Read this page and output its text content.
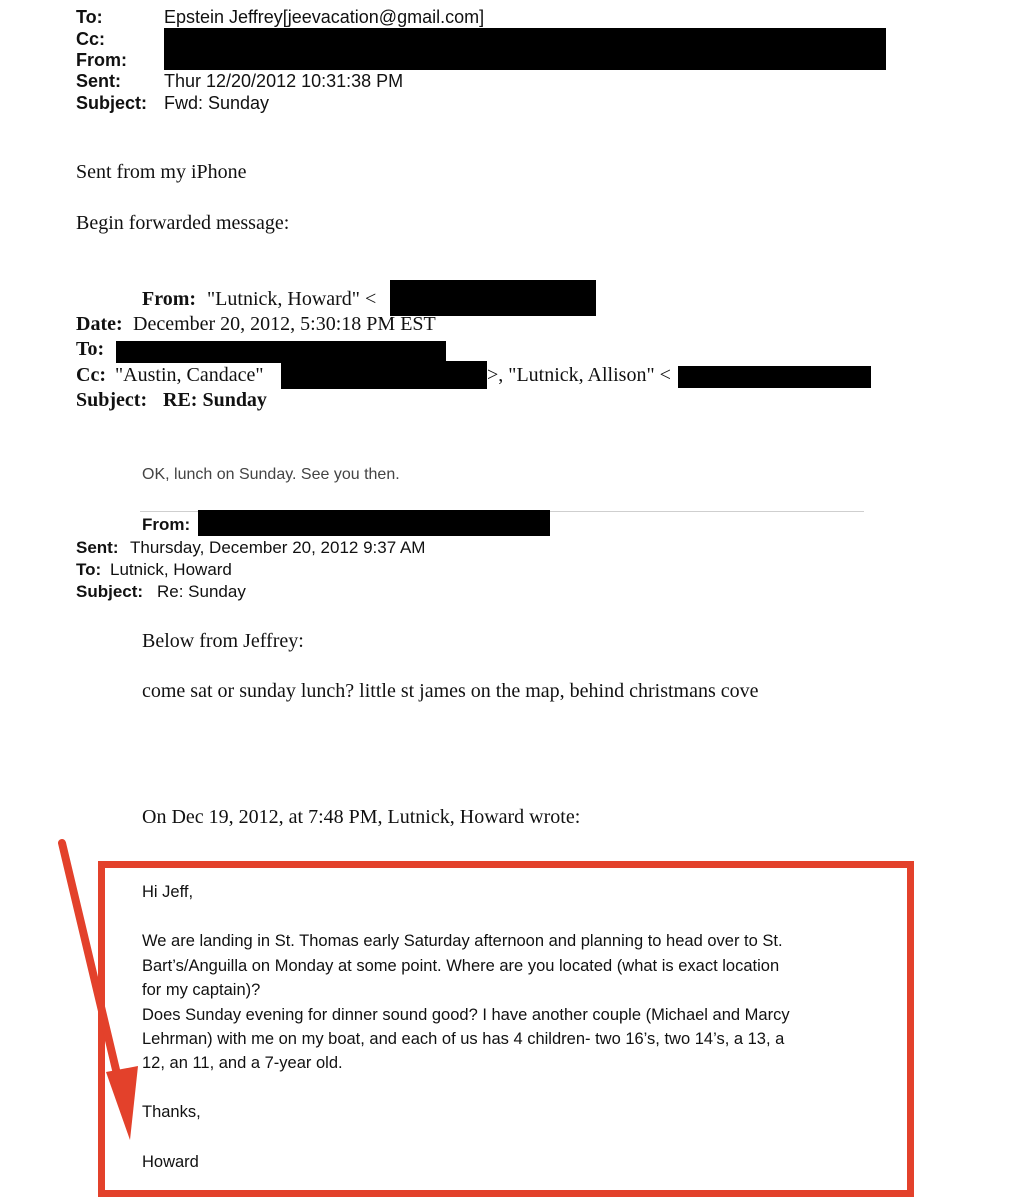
To:	Epstein Jeffrey[jeevacation@gmail.com]
Cc:
From:
Sent: Thur 12/20/2012 10:31:38 PM
Subject: Fwd: Sunday
Sent from my iPhone
Begin forwarded message:
From: "Lutnick, Howard" <
Date: December 20, 2012, 5:30:18 PM EST
To:
Cc: "Austin, Candace"	>, "Lutnick, Allison" <
Subject: RE: Sunday
OK, lunch on Sunday. See you then.
From:
Sent: Thursday, December 20, 2012 9:37 AM
To: Lutnick, Howard
Subject: Re: Sunday
Below from Jeffrey:
come sat or sunday lunch? little st james on the map, behind christmans cove
On Dec 19, 2012, at 7:48 PM, Lutnick, Howard wrote:
Hi Jeff,
We are landing in St. Thomas early Saturday afternoon and planning to head over to St.
Bart’s/Anguilla on Monday at some point. Where are you located (what is exact location
for my captain)?
Does Sunday evening for dinner sound good? I have another couple (Michael and Marcy
Lehrman) with me on my boat, and each of us has 4 children- two 16’s, two 14’s, a 13, a
12, an 11, and a 7-year old.
Thanks,
Howard
